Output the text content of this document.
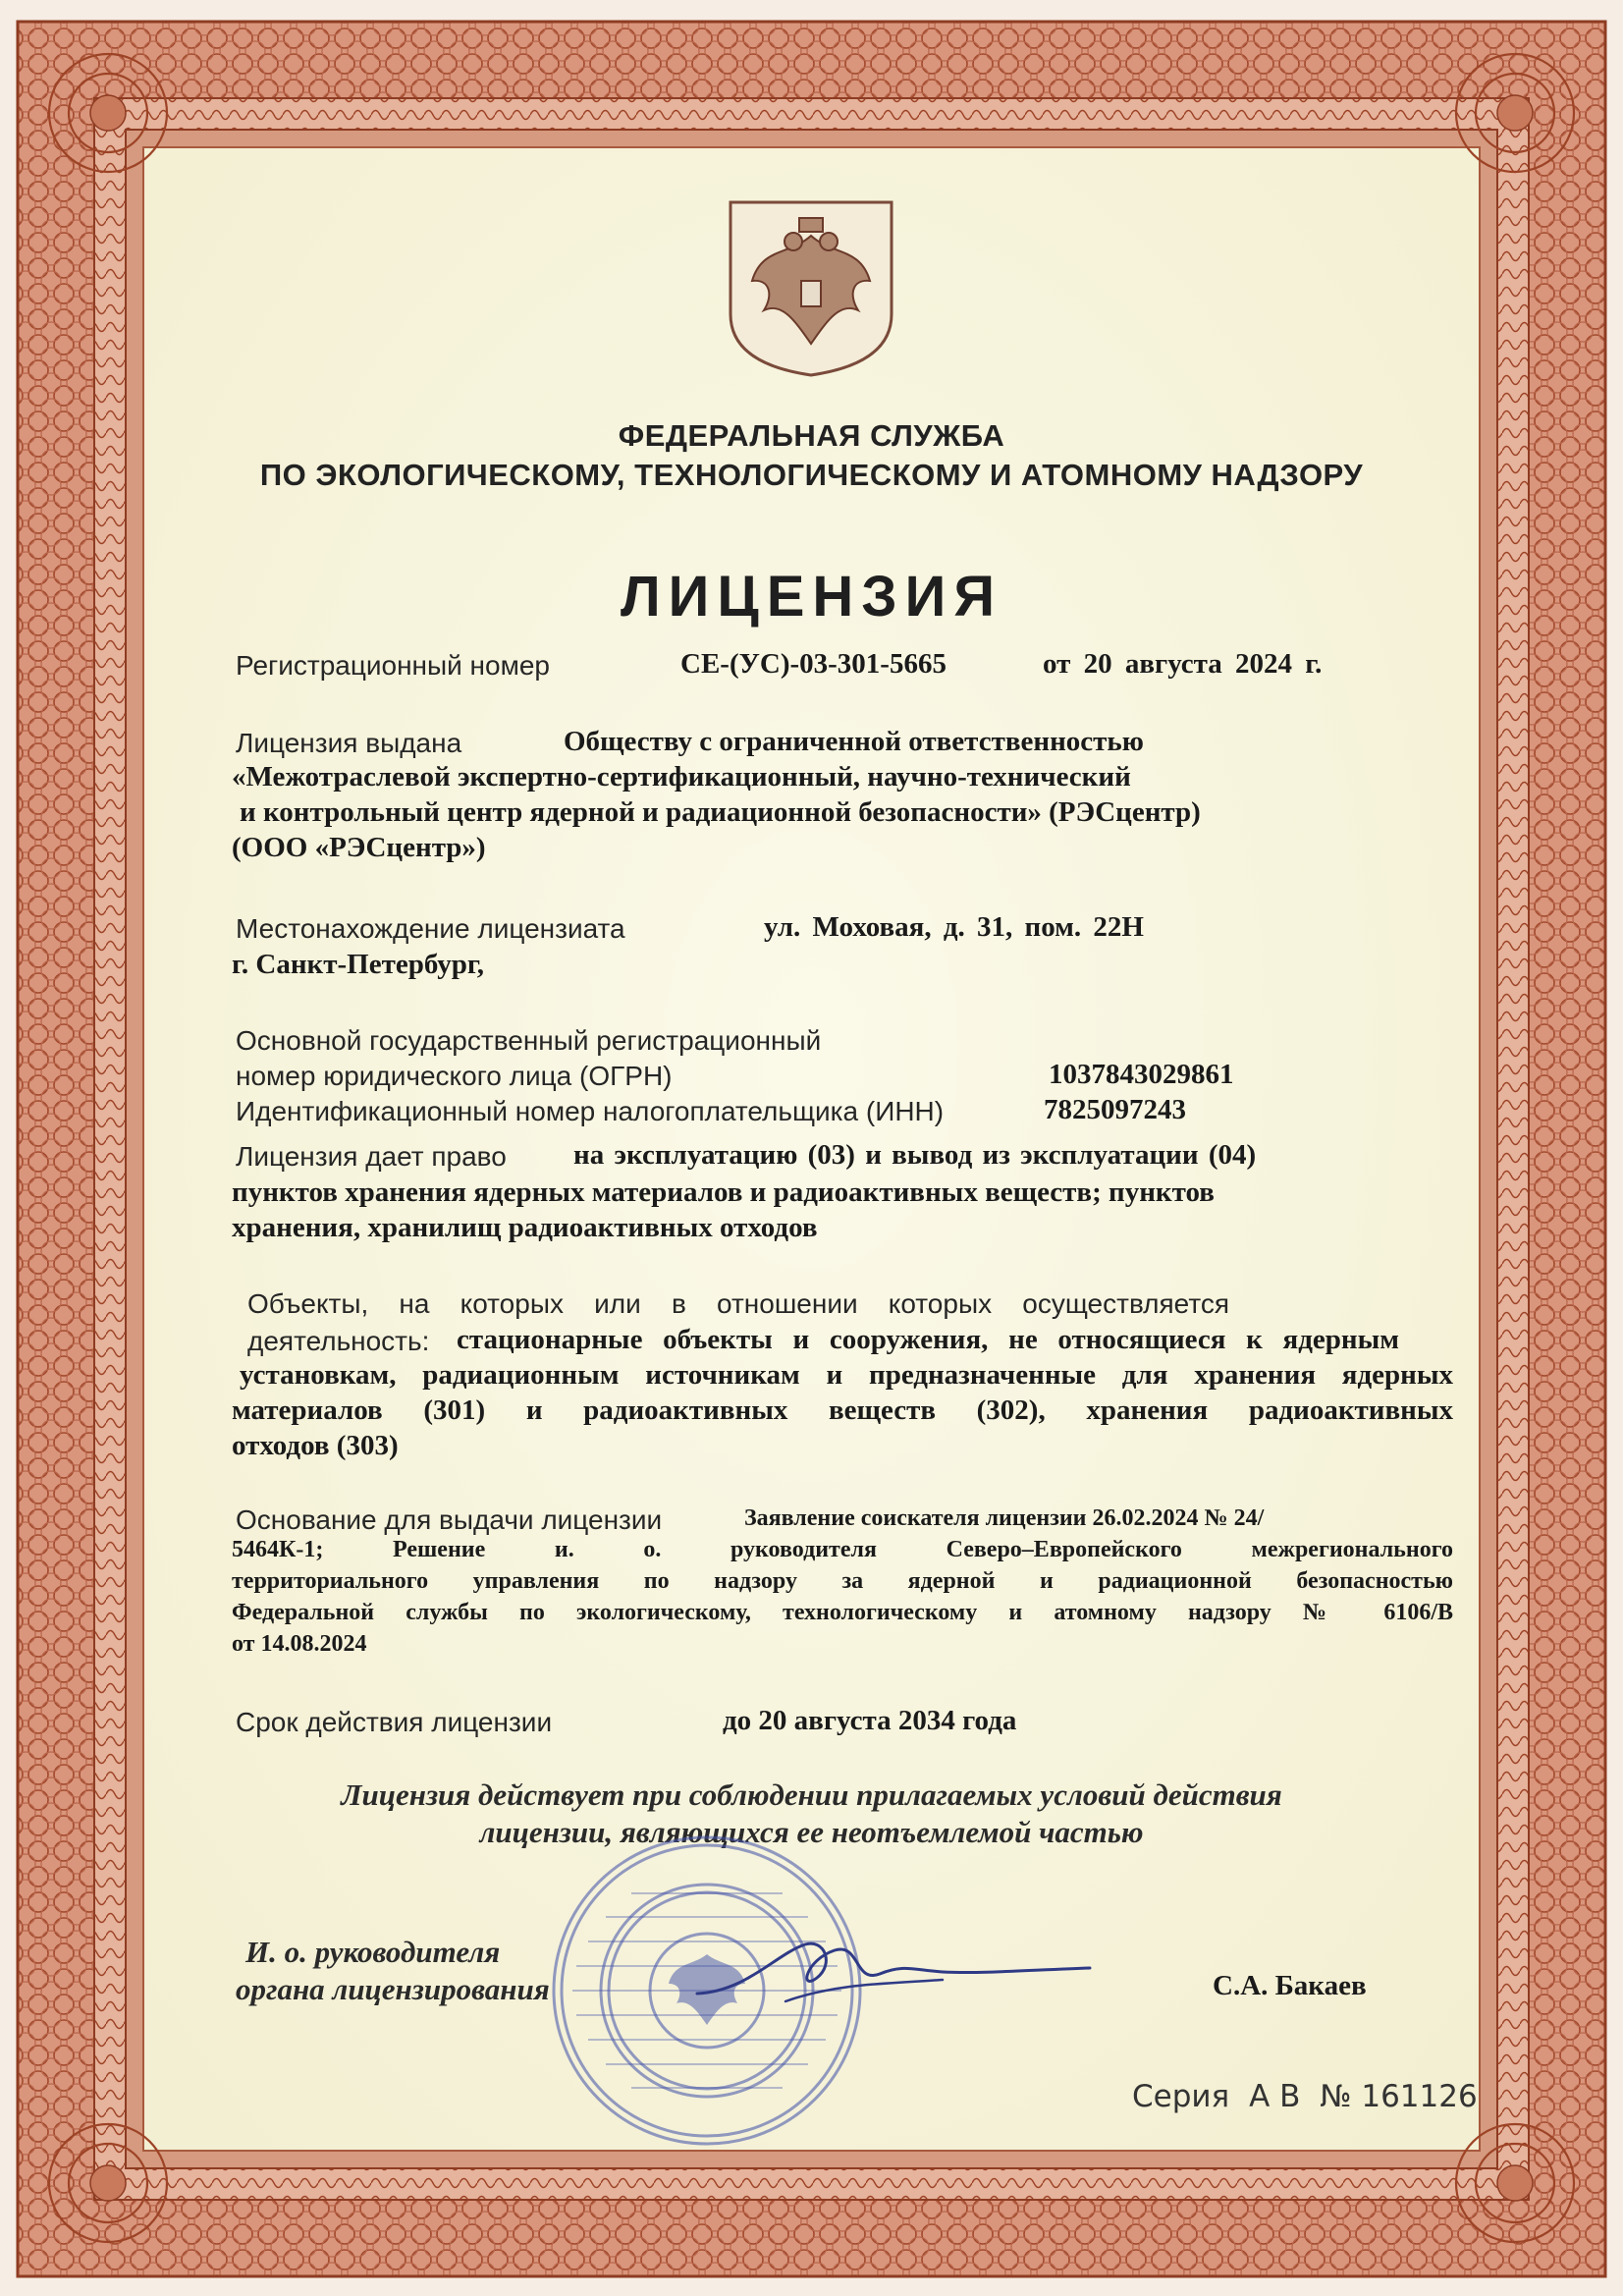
ФЕДЕРАЛЬНАЯ СЛУЖБА
ПО ЭКОЛОГИЧЕСКОМУ, ТЕХНОЛОГИЧЕСКОМУ И АТОМНОМУ НАДЗОРУ
ЛИЦЕНЗИЯ
Регистрационный номер	СЕ-(УС)-03-301-5665	от 20 августа 2024 г.
Лицензия выдана	Обществу с ограниченной ответственностью
«Межотраслевой экспертно-сертификационный, научно-технический
и контрольный центр ядерной и радиационной безопасности» (РЭСцентр)
(ООО «РЭСцентр»)
Местонахождение лицензиата	ул. Моховая, д. 31, пом. 22Н
г. Санкт-Петербург,
Основной государственный регистрационный
номер юридического лица (ОГРН)	1037843029861
Идентификационный номер налогоплательщика (ИНН)	7825097243
Лицензия дает право на эксплуатацию (03) и вывод из эксплуатации (04)
пунктов хранения ядерных материалов и радиоактивных веществ; пунктов
хранения, хранилищ радиоактивных отходов
Объекты, на которых или в отношении которых осуществляется
деятельность: стационарные объекты и сооружения, не относящиеся к ядерным
установкам, радиационным источникам и предназначенные для хранения ядерных
материалов (301) и радиоактивных веществ (302), хранения радиоактивных
отходов (303)
Основание для выдачи лицензии	Заявление соискателя лицензии 26.02.2024 № 24/
5464К-1; Решение и. о. руководителя Северо–Европейского межрегионального
территориального управления по надзору за ядерной и радиационной безопасностью
Федеральной службы по экологическому, технологическому и атомному надзору № 6106/В
от 14.08.2024
Срок действия лицензии	до 20 августа 2034 года
Лицензия действует при соблюдении прилагаемых условий действия
лицензии, являющихся ее неотъемлемой частью
И. о. руководителя
органа лицензирования	С.А. Бакаев
Серия А В № 161126
